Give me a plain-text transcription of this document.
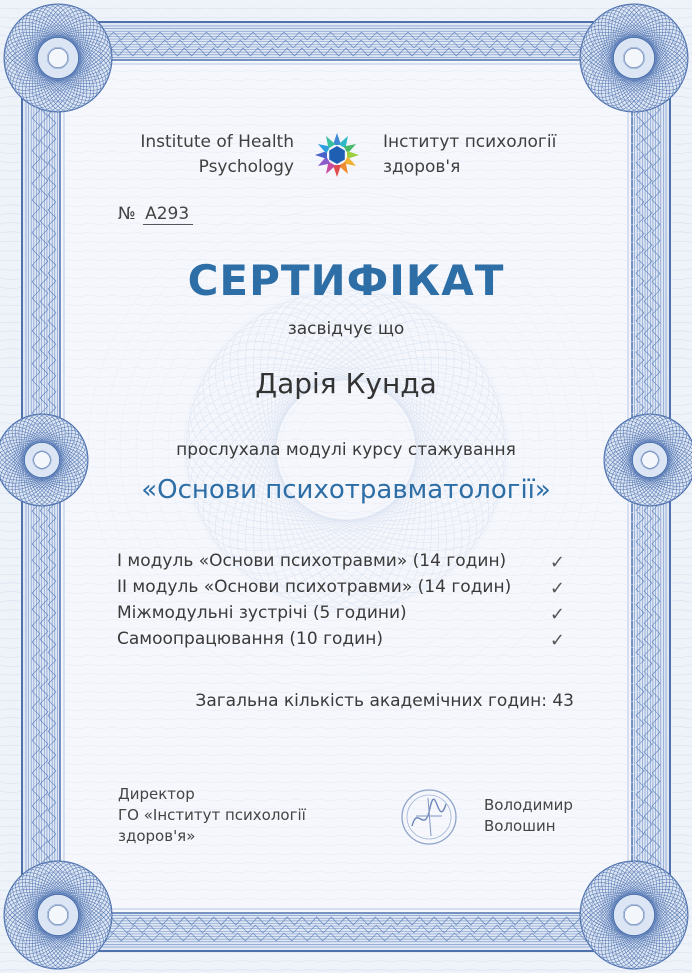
Institute of Health
Psychology
Інститут психології
здоров'я
№ А293
СЕРТИФІКАТ
засвідчує що
Дарія Кунда
прослухала модулі курсу стажування
«Основи психотравматології»
I модуль «Основи психотравми» (14 годин) ✓
II модуль «Основи психотравми» (14 годин) ✓
Міжмодульні зустрічі (5 години)	✓
Самоопрацювання (10 годин)	✓
Загальна кількість академічних годин: 43
Директор
ГО «Інститут психології
здоров'я»
Володимир
Волошин
